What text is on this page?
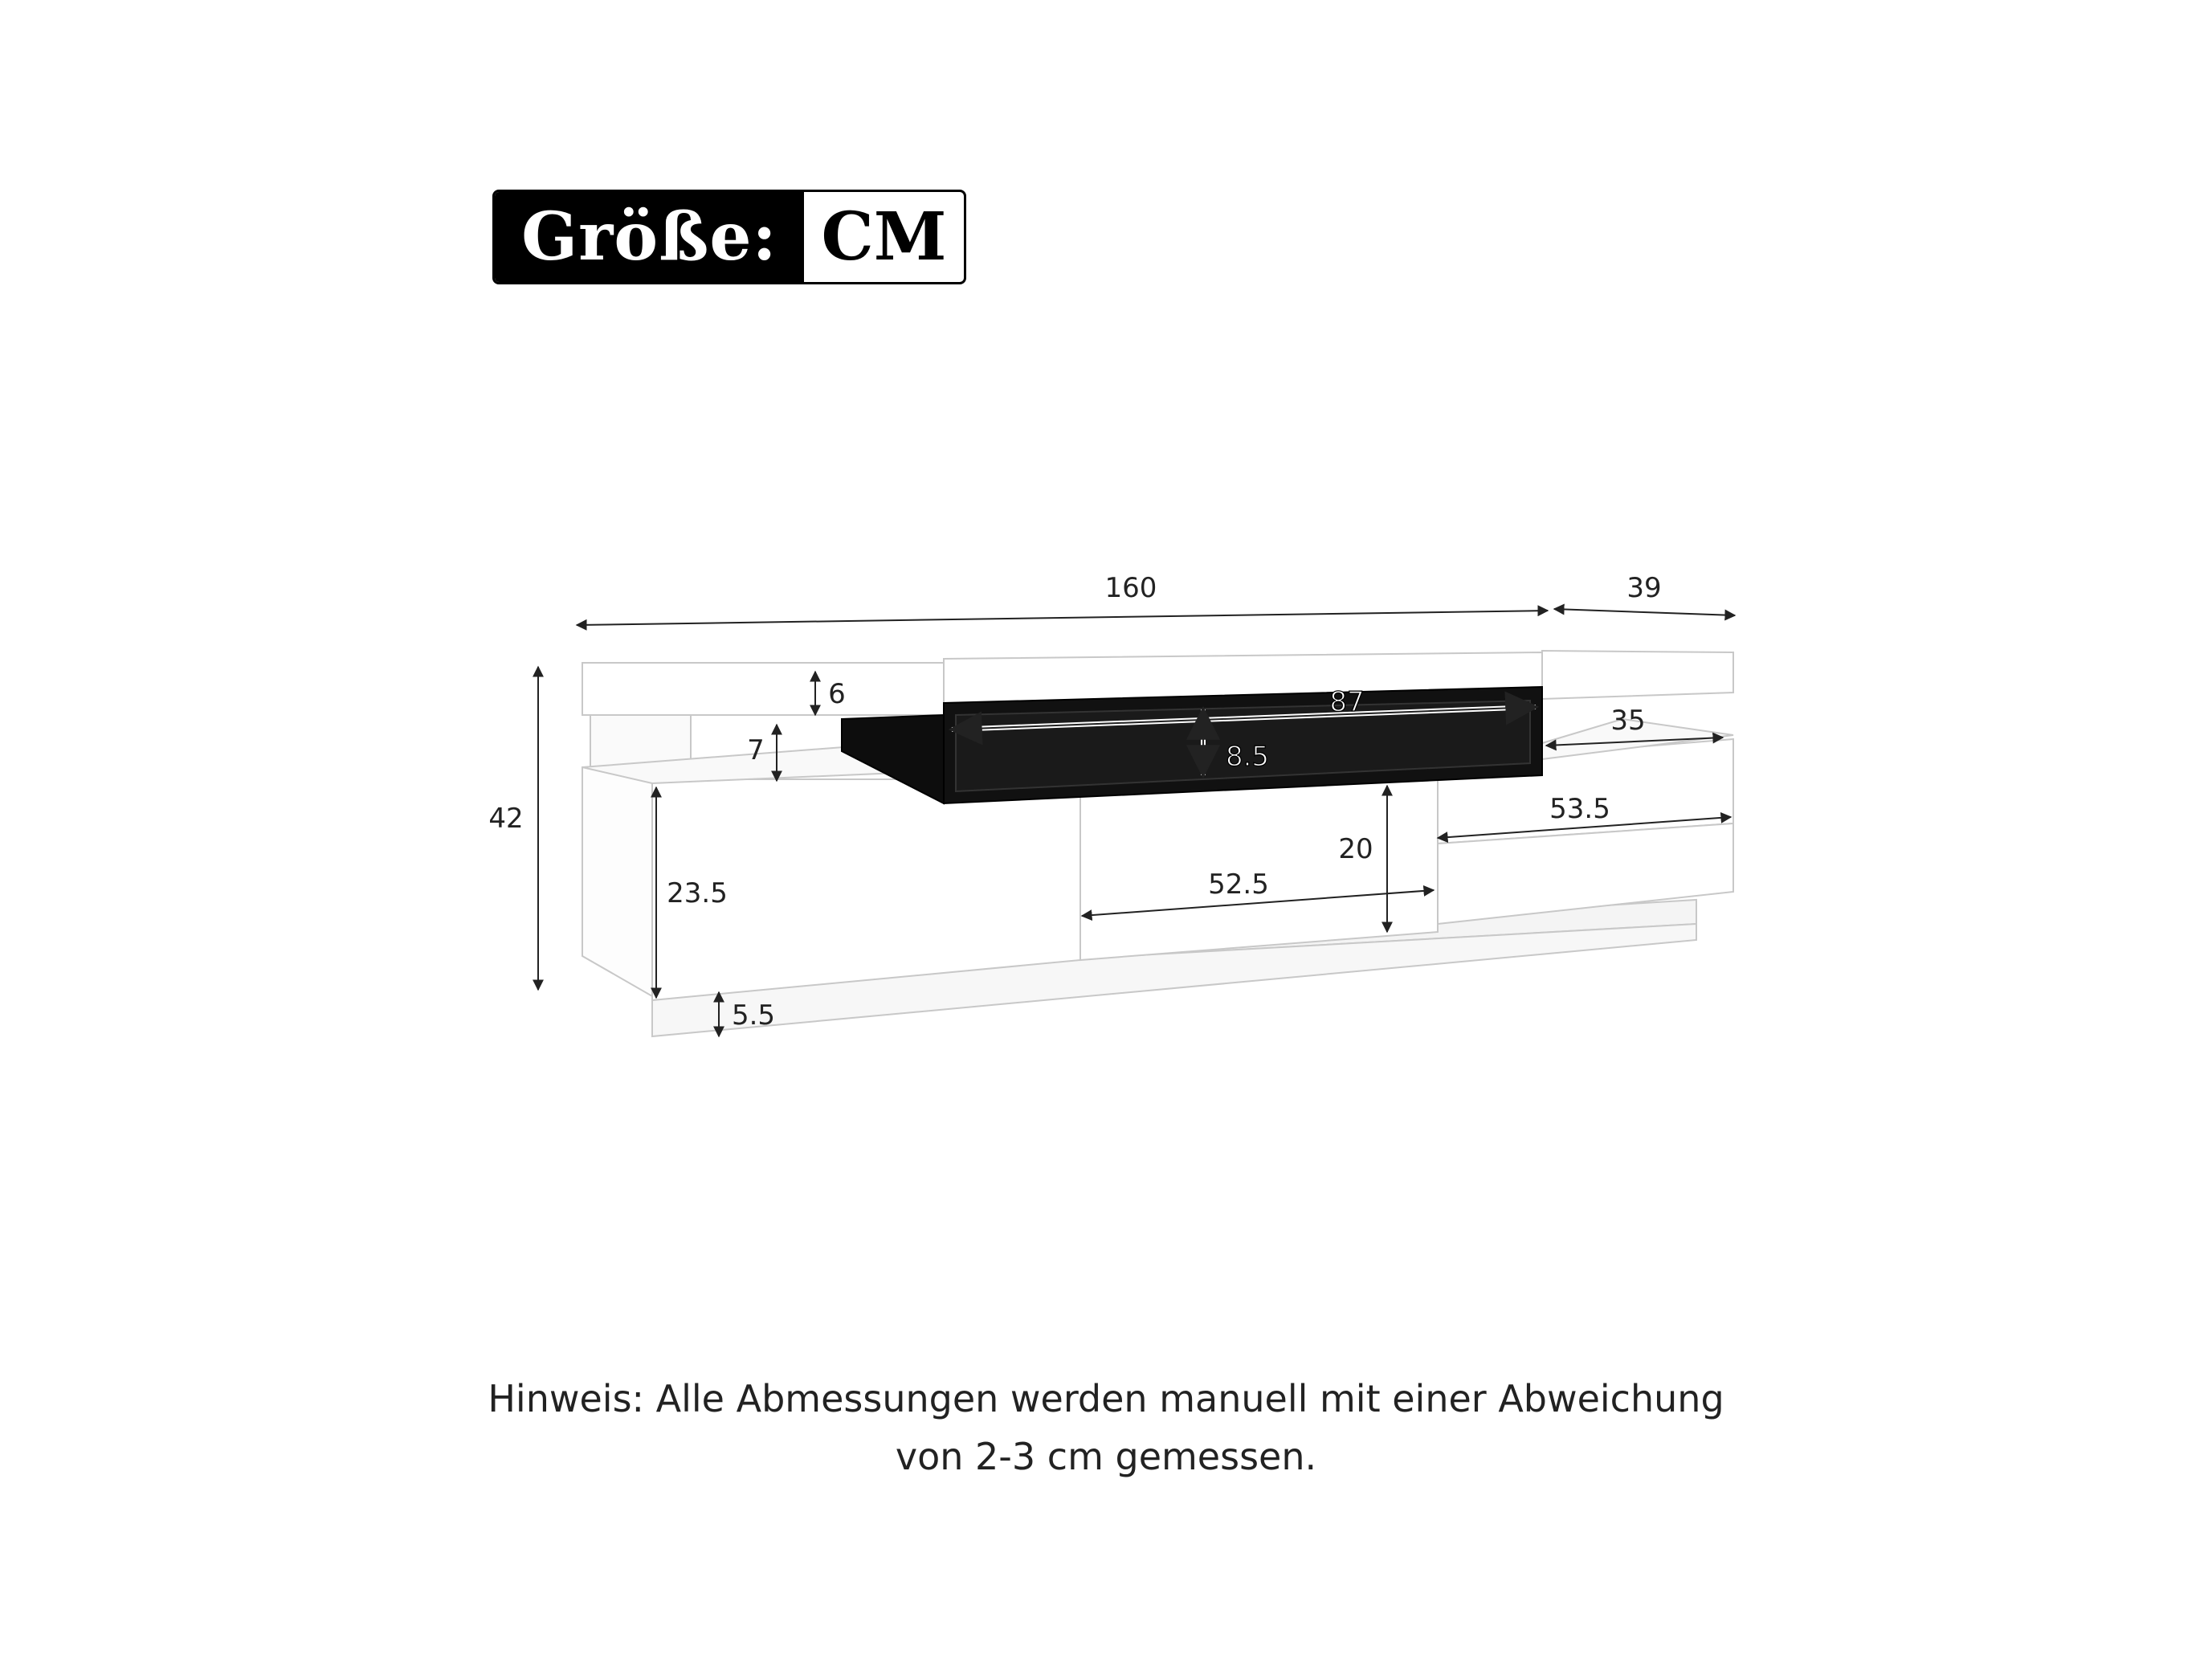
Größe: CM
160	39
42
6
7
87
8.5
35
53.5
20
52.5
23.5
5.5
Hinweis: Alle Abmessungen werden manuell mit einer Abweichung
von 2-3 cm gemessen.
